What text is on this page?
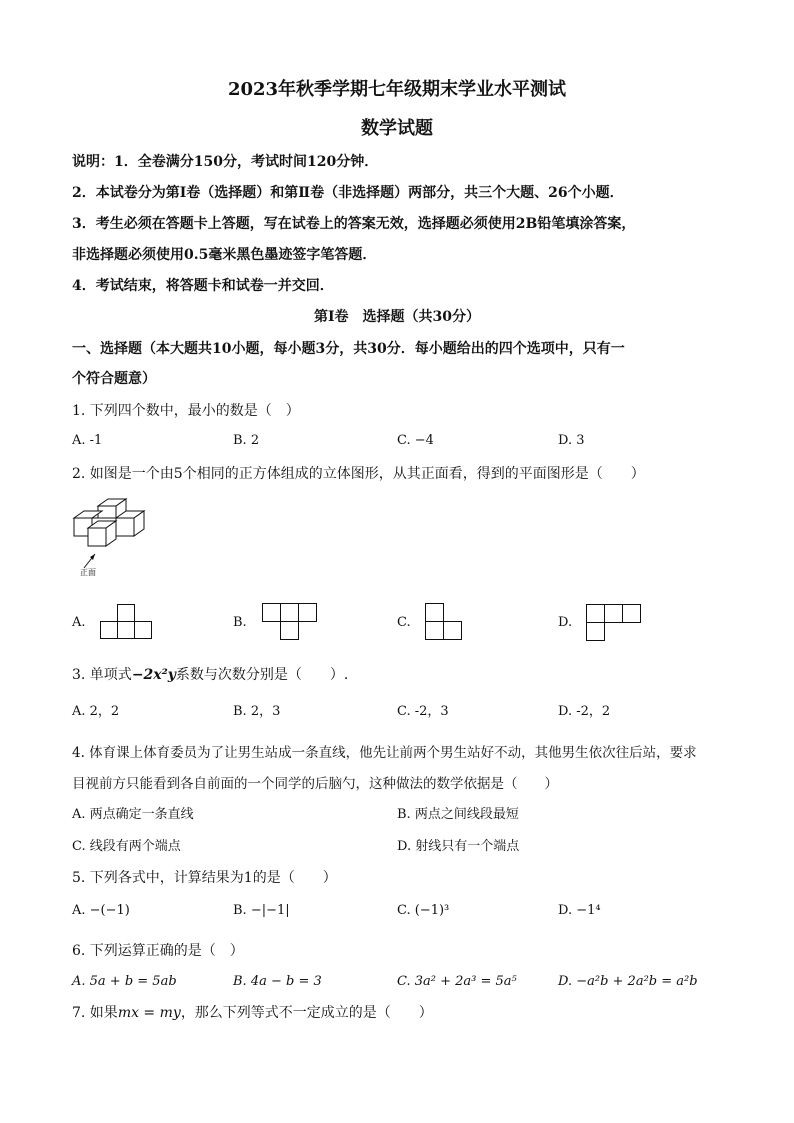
2023年秋季学期七年级期末学业水平测试
数学试题
说明：1．全卷满分150分，考试时间120分钟．
2．本试卷分为第Ⅰ卷（选择题）和第Ⅱ卷（非选择题）两部分，共三个大题、26个小题．
3．考生必须在答题卡上答题，写在试卷上的答案无效，选择题必须使用2B铅笔填涂答案，
非选择题必须使用0.5毫米黑色墨迹签字笔答题．
4．考试结束，将答题卡和试卷一并交回．
第Ⅰ卷　选择题（共30分）
一、选择题（本大题共10小题，每小题3分，共30分．每小题给出的四个选项中，只有一
个符合题意）
1. 下列四个数中，最小的数是（　）
A. -1	B. 2	C. −4	D. 3
2. 如图是一个由5个相同的正方体组成的立体图形，从其正面看，得到的平面图形是（　　）
正面
A.	B.	C.	D.
3. 单项式−2x²y系数与次数分别是（　　）.
A. 2，2	B. 2，3	C. -2，3	D. -2，2
4. 体育课上体育委员为了让男生站成一条直线，他先让前两个男生站好不动，其他男生依次往后站，要求
目视前方只能看到各自前面的一个同学的后脑勺，这种做法的数学依据是（　　）
A. 两点确定一条直线	B. 两点之间线段最短
C. 线段有两个端点	D. 射线只有一个端点
5. 下列各式中，计算结果为1的是（　　）
A. −(−1)	B. −|−1|	C. (−1)³	D. −1⁴
6. 下列运算正确的是（　）
A. 5a + b = 5ab	B. 4a − b = 3	C. 3a² + 2a³ = 5a⁵	D. −a²b + 2a²b = a²b
7. 如果mx = my，那么下列等式不一定成立的是（　　）
